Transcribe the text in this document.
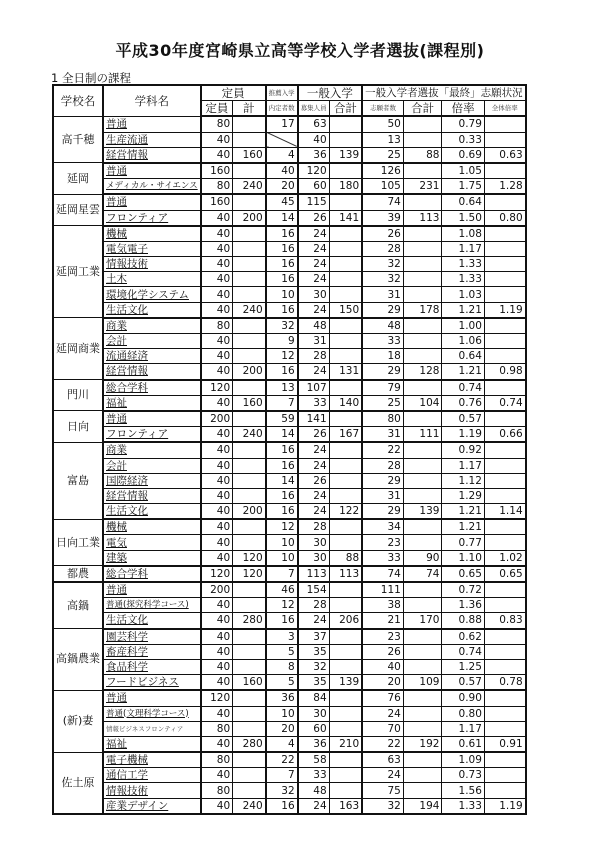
平成30年度宮崎県立高等学校入学者選抜(課程別)
1 全日制の課程
学校名	学科名	定員		推薦入学	一般入学		一般入学者選抜「最終」志願状況			
		定員	計	内定者数	募集人員	合計	志願者数	合計	倍率	全体倍率
高千穂	普通	80		17	63		50		0.79	
	生産流通	40			40		13		0.33	
	経営情報	40	160	4	36	139	25	88	0.69	0.63
延岡	普通	160		40	120		126		1.05	
	メディカル・サイエンス	80	240	20	60	180	105	231	1.75	1.28
延岡星雲	普通	160		45	115		74		0.64	
	フロンティア	40	200	14	26	141	39	113	1.50	0.80
延岡工業	機械	40		16	24		26		1.08	
	電気電子	40		16	24		28		1.17	
	情報技術	40		16	24		32		1.33	
	土木	40		16	24		32		1.33	
	環境化学システム	40		10	30		31		1.03	
	生活文化	40	240	16	24	150	29	178	1.21	1.19
延岡商業	商業	80		32	48		48		1.00	
	会計	40		9	31		33		1.06	
	流通経済	40		12	28		18		0.64	
	経営情報	40	200	16	24	131	29	128	1.21	0.98
門川	総合学科	120		13	107		79		0.74	
	福祉	40	160	7	33	140	25	104	0.76	0.74
日向	普通	200		59	141		80		0.57	
	フロンティア	40	240	14	26	167	31	111	1.19	0.66
富島	商業	40		16	24		22		0.92	
	会計	40		16	24		28		1.17	
	国際経済	40		14	26		29		1.12	
	経営情報	40		16	24		31		1.29	
	生活文化	40	200	16	24	122	29	139	1.21	1.14
日向工業	機械	40		12	28		34		1.21	
	電気	40		10	30		23		0.77	
	建築	40	120	10	30	88	33	90	1.10	1.02
都農	総合学科	120	120	7	113	113	74	74	0.65	0.65
高鍋	普通	200		46	154		111		0.72	
	普通(探究科学コース)	40		12	28		38		1.36	
	生活文化	40	280	16	24	206	21	170	0.88	0.83
高鍋農業	園芸科学	40		3	37		23		0.62	
	畜産科学	40		5	35		26		0.74	
	食品科学	40		8	32		40		1.25	
	フードビジネス	40	160	5	35	139	20	109	0.57	0.78
(新)妻	普通	120		36	84		76		0.90	
	普通(文理科学コース)	40		10	30		24		0.80	
	情報ビジネスフロンティア	80		20	60		70		1.17	
	福祉	40	280	4	36	210	22	192	0.61	0.91
佐土原	電子機械	80		22	58		63		1.09	
	通信工学	40		7	33		24		0.73	
	情報技術	80		32	48		75		1.56	
	産業デザイン	40	240	16	24	163	32	194	1.33	1.19
